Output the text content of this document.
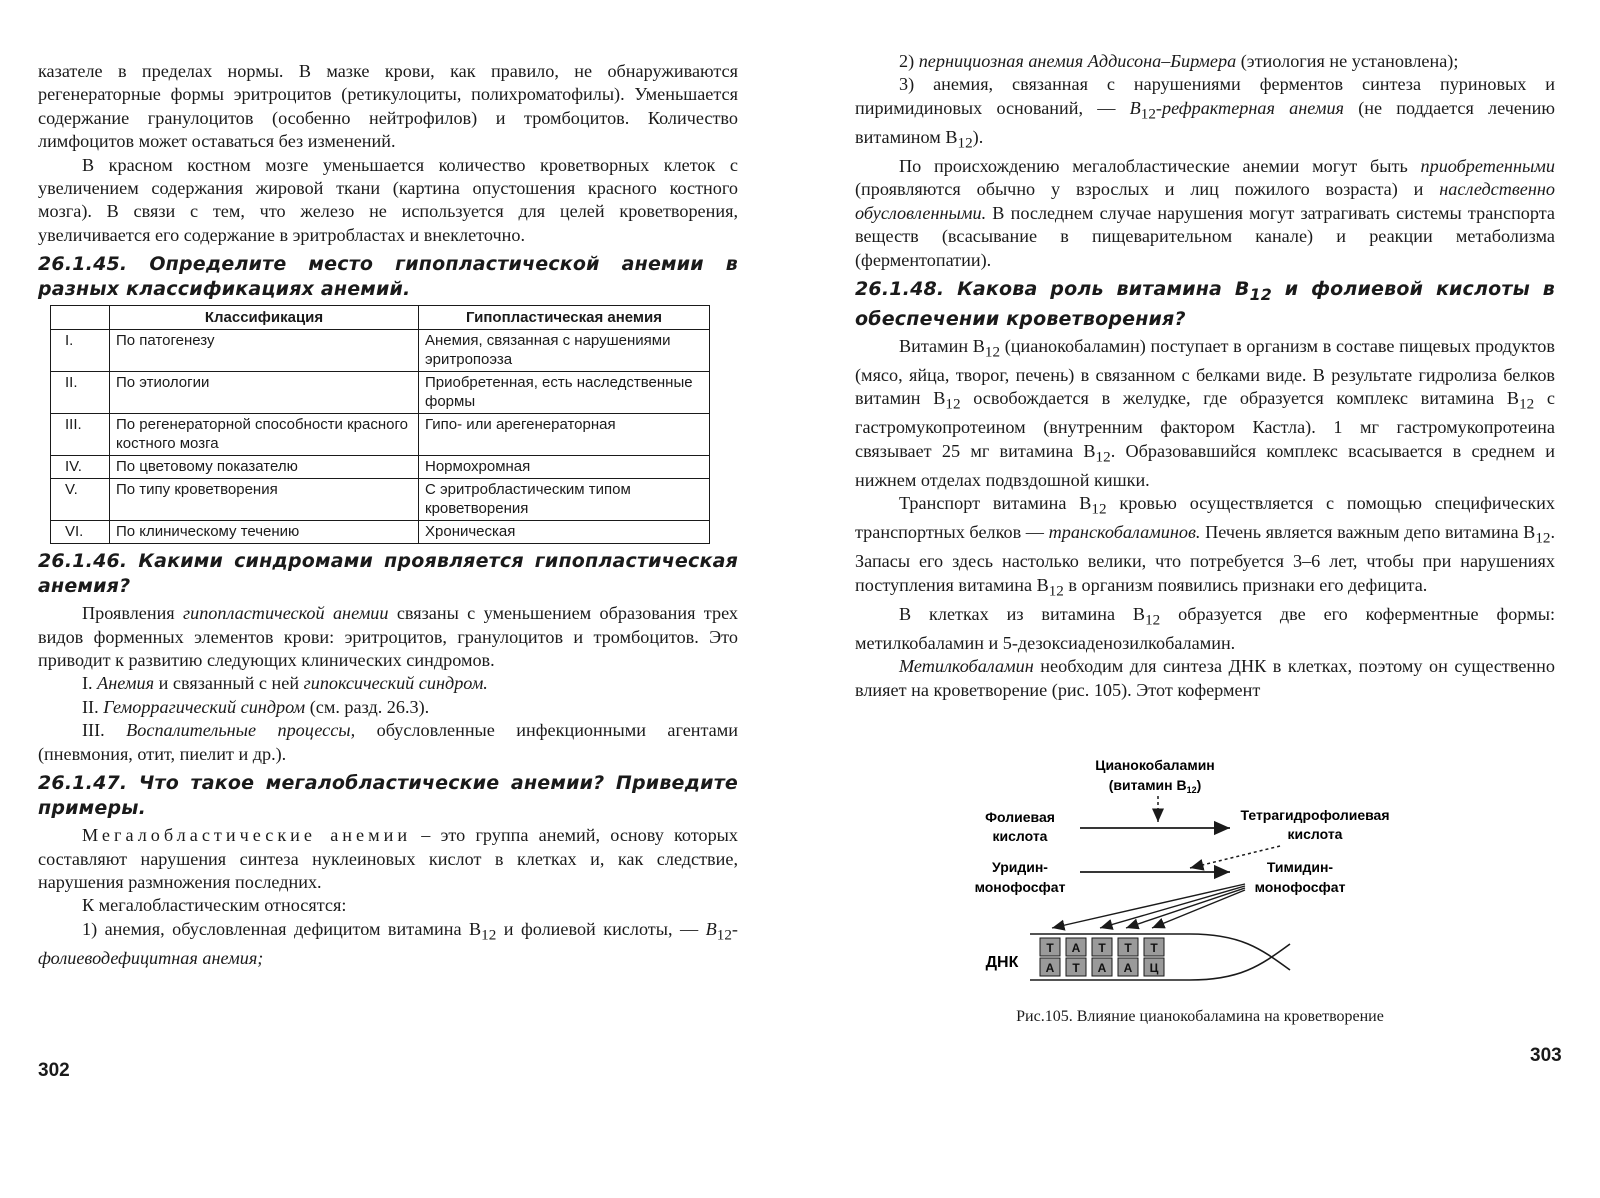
казателе в пределах нормы. В мазке крови, как правило, не обнаруживаются регенераторные формы эритроцитов (ретикулоциты, полихроматофилы). Уменьшается содержание гранулоцитов (особенно нейтрофилов) и тромбоцитов. Количество лимфоцитов может оставаться без изменений.

В красном костном мозге уменьшается количество кроветворных клеток с увеличением содержания жировой ткани (картина опустошения красного костного мозга). В связи с тем, что железо не используется для целей кроветворения, увеличивается его содержание в эритробластах и внеклеточно.

26.1.45. Определите место гипопластической анемии в разных классификациях анемий.
	Классификация	Гипопластическая анемия
I.	По патогенезу	Анемия, связанная с нарушениями эритропоэза
II.	По этиологии	Приобретенная, есть наследственные формы
III.	По регенераторной способности красного костного мозга	Гипо- или арегенераторная
IV.	По цветовому показателю	Нормохромная
V.	По типу кроветворения	С эритробластическим типом кроветворения
VI.	По клиническому течению	Хроническая
26.1.46. Какими синдромами проявляется гипопластическая анемия?

Проявления гипопластической анемии связаны с уменьшением образования трех видов форменных элементов крови: эритроцитов, гранулоцитов и тромбоцитов. Это приводит к развитию следующих клинических синдромов.

I. Анемия и связанный с ней гипоксический синдром.

II. Геморрагический синдром (см. разд. 26.3).

III. Воспалительные процессы, обусловленные инфекционными агентами (пневмония, отит, пиелит и др.).

26.1.47. Что такое мегалобластические анемии? Приведите примеры.

Мегалобластические анемии – это группа анемий, основу которых составляют нарушения синтеза нуклеиновых кислот в клетках и, как следствие, нарушения размножения последних.

К мегалобластическим относятся:

1) анемия, обусловленная дефицитом витамина $B_{12}$ и фолиевой кислоты, — $B_{12}$-фолиеводефицитная анемия;

302

2) пернициозная анемия Аддисона–Бирмера (этиология не установлена);

3) анемия, связанная с нарушениями ферментов синтеза пуриновых и пиримидиновых оснований, — $B_{12}$-рефрактерная анемия (не поддается лечению витамином $B_{12}$).

По происхождению мегалобластические анемии могут быть приобретенными (проявляются обычно у взрослых и лиц пожилого возраста) и наследственно обусловленными. В последнем случае нарушения могут затрагивать системы транспорта веществ (всасывание в пищеварительном канале) и реакции метаболизма (ферментопатии).

26.1.48. Какова роль витамина $B_{12}$ и фолиевой кислоты в обеспечении кроветворения?

Витамин $B_{12}$ (цианокобаламин) поступает в организм в составе пищевых продуктов (мясо, яйца, творог, печень) в связанном с белками виде. В результате гидролиза белков витамин $B_{12}$ освобождается в желудке, где образуется комплекс витамина $B_{12}$ с гастромукопротеином (внутренним фактором Кастла). 1 мг гастромукопротеина связывает 25 мг витамина $B_{12}$. Образовавшийся комплекс всасывается в среднем и нижнем отделах подвздошной кишки.

Транспорт витамина $B_{12}$ кровью осуществляется с помощью специфических транспортных белков — транскобаламинов. Печень является важным депо витамина $B_{12}$. Запасы его здесь настолько велики, что потребуется 3–6 лет, чтобы при нарушениях поступления витамина $B_{12}$ в организм появились признаки его дефицита.

В клетках из витамина $B_{12}$ образуется две его коферментные формы: метилкобаламин и 5-дезоксиаденозилкобаламин.

Метилкобаламин необходим для синтеза ДНК в клетках, поэтому он существенно влияет на кроветворение (рис. 105). Этот кофермент

Цианокобаламин
(витамин $B_{12}$)
Фолиевая
кислота
Тетрагидрофолиевая
кислота
Уридин-
монофосфат
Тимидин-
монофосфат
ДНК
Т А Т Т Т
А Т А А Ц
Рис.105. Влияние цианокобаламина на кроветворение
303
